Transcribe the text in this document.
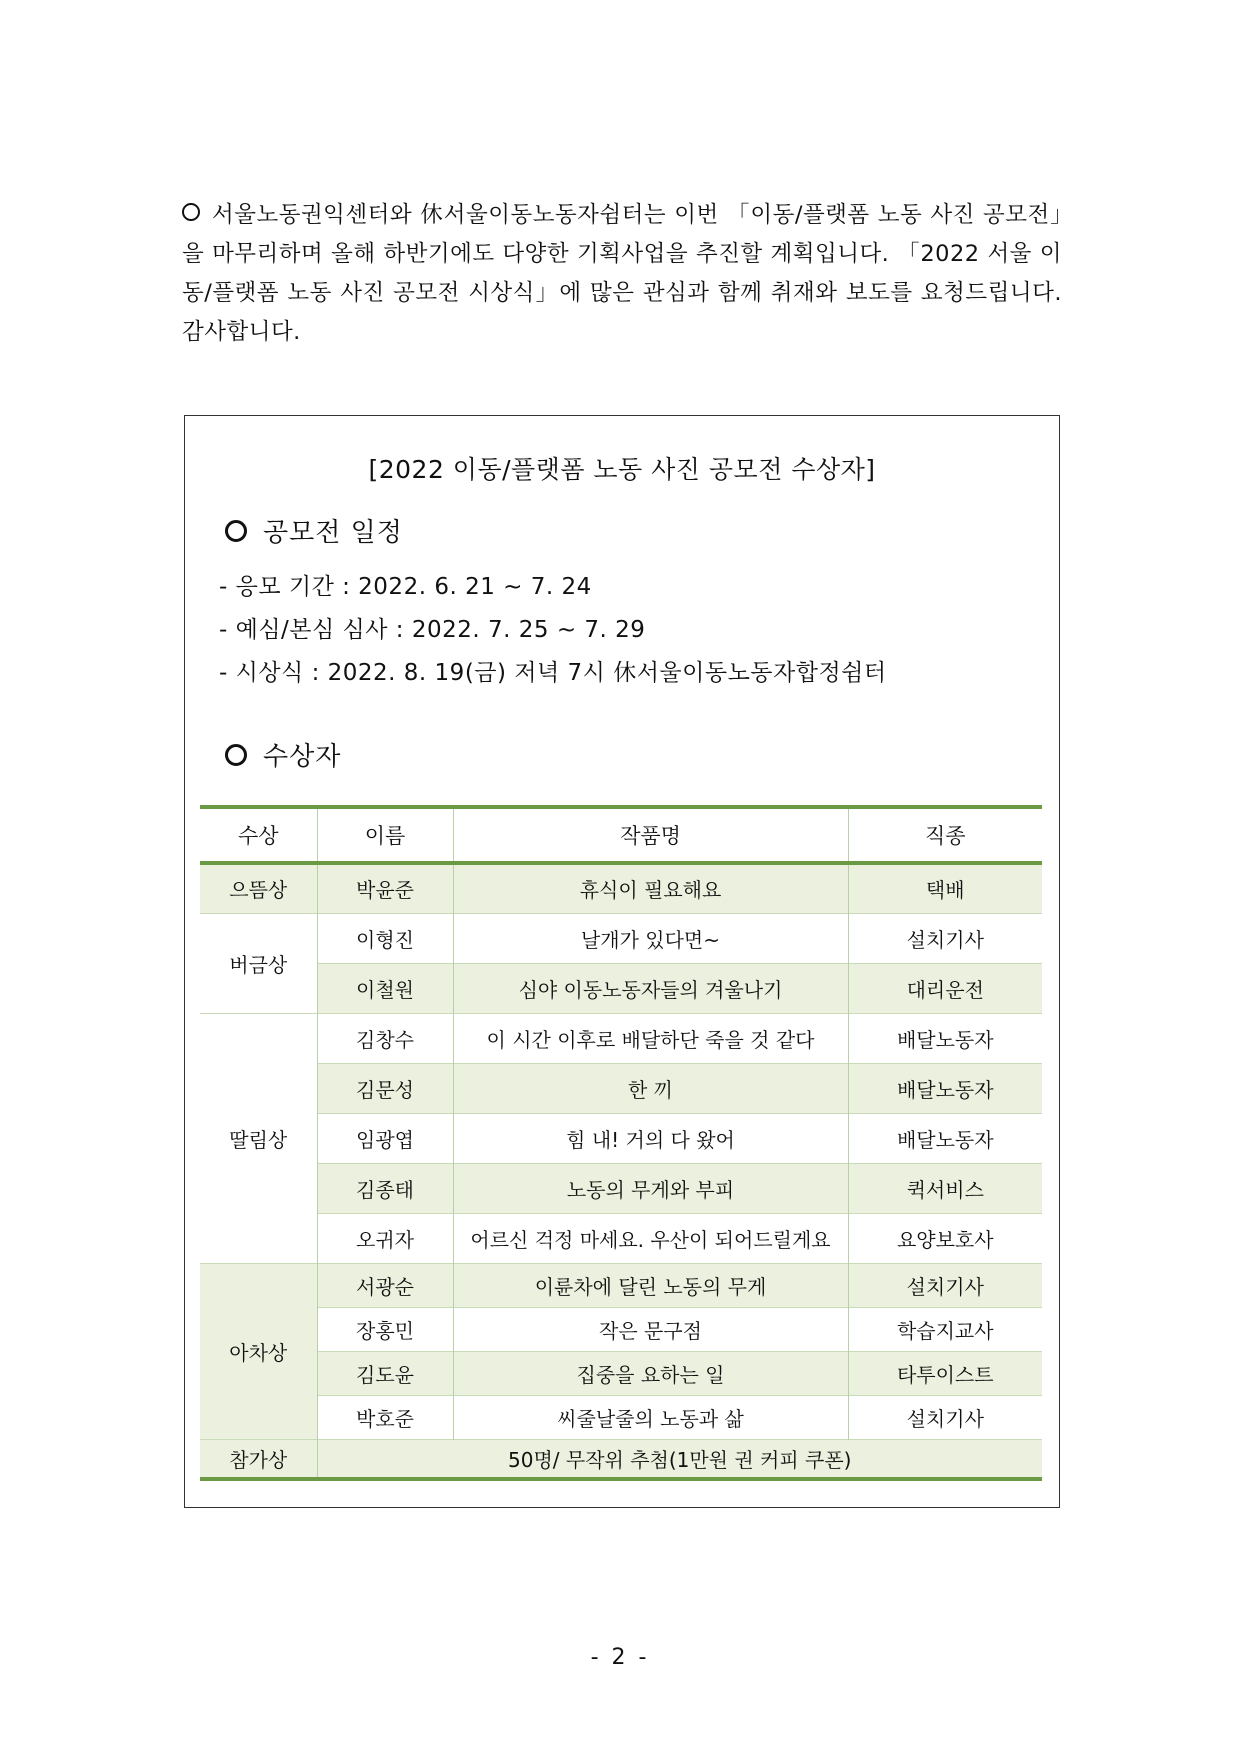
서울노동권익센터와 休서울이동노동자쉼터는 이번 「이동/플랫폼 노동 사진 공모전」을 마무리하며 올해 하반기에도 다양한 기획사업을 추진할 계획입니다. 「2022 서울 이동/플랫폼 노동 사진 공모전 시상식」에 많은 관심과 함께 취재와 보도를 요청드립니다. 감사합니다.
[2022 이동/플랫폼 노동 사진 공모전 수상자]
공모전 일정
- 응모 기간 : 2022. 6. 21 ~ 7. 24
- 예심/본심 심사 : 2022. 7. 25 ~ 7. 29
- 시상식 : 2022. 8. 19(금) 저녁 7시 休서울이동노동자합정쉼터
수상자
수상	이름	작품명	직종
으뜸상	박윤준	휴식이 필요해요	택배
버금상	이형진	날개가 있다면~	설치기사
	이철원	심야 이동노동자들의 겨울나기	대리운전
딸림상	김창수	이 시간 이후로 배달하단 죽을 것 같다	배달노동자
	김문성	한 끼	배달노동자
	임광엽	힘 내! 거의 다 왔어	배달노동자
	김종태	노동의 무게와 부피	퀵서비스
	오귀자	어르신 걱정 마세요. 우산이 되어드릴게요	요양보호사
아차상	서광순	이륜차에 달린 노동의 무게	설치기사
	장홍민	작은 문구점	학습지교사
	김도윤	집중을 요하는 일	타투이스트
	박호준	씨줄날줄의 노동과 삶	설치기사
참가상	50명/ 무작위 추첨(1만원 권 커피 쿠폰)		
- 2 -
